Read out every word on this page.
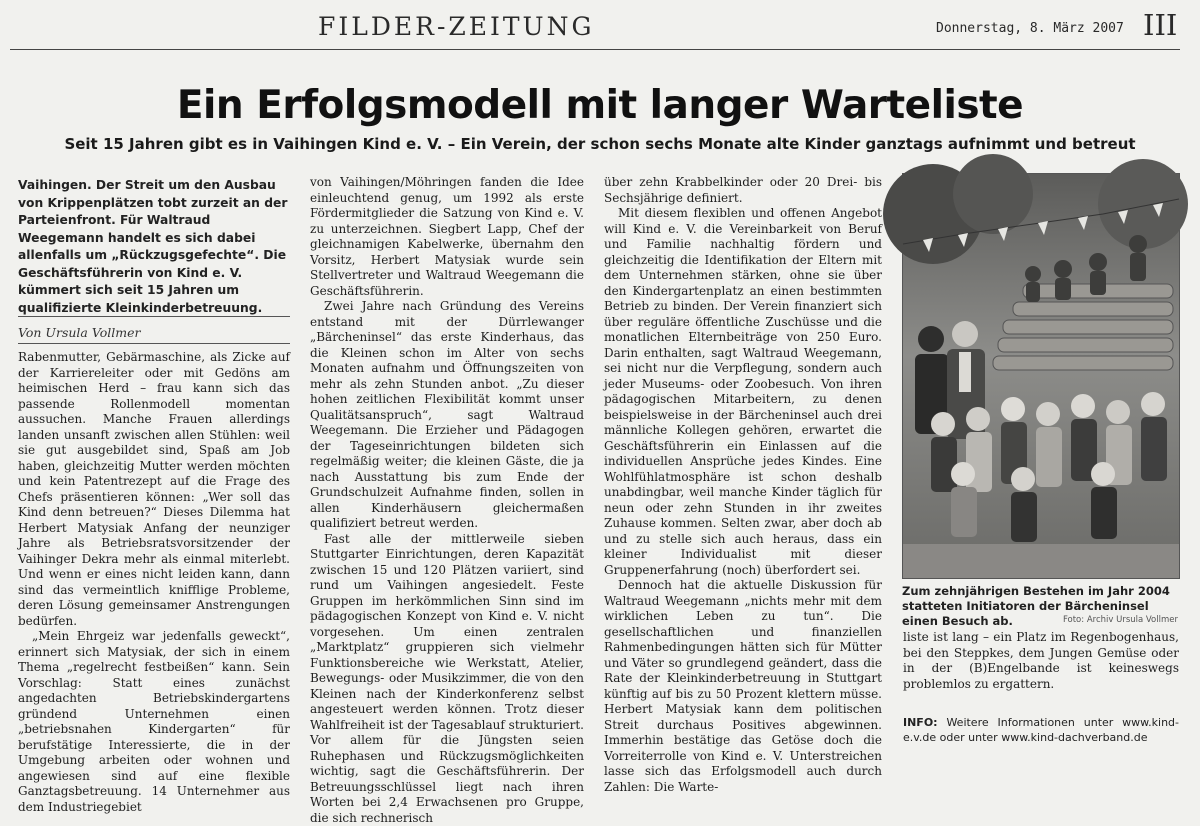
FILDER-ZEITUNG	Donnerstag, 8. März 2007 III
Ein Erfolgsmodell mit langer Warteliste
Seit 15 Jahren gibt es in Vaihingen Kind e. V. – Ein Verein, der schon sechs Monate alte Kinder ganztags aufnimmt und betreut
Vaihingen. Der Streit um den Ausbau von Krippenplätzen tobt zurzeit an der Parteienfront. Für Waltraud Weegemann handelt es sich dabei allenfalls um „Rückzugsgefechte“. Die Geschäftsführerin von Kind e. V. kümmert sich seit 15 Jahren um qualifizierte Kleinkinderbetreuung.
Von Ursula Vollmer

Rabenmutter, Gebärmaschine, als Zicke auf der Karriereleiter oder mit Gedöns am heimischen Herd – frau kann sich das passende Rollenmodell momentan aussuchen. Manche Frauen allerdings landen unsanft zwischen allen Stühlen: weil sie gut ausgebildet sind, Spaß am Job haben, gleichzeitig Mutter werden möchten und kein Patentrezept auf die Frage des Chefs präsentieren können: „Wer soll das Kind denn betreuen?“ Dieses Dilemma hat Herbert Matysiak Anfang der neunziger Jahre als Betriebsratsvorsitzender der Vaihinger Dekra mehr als einmal miterlebt. Und wenn er eines nicht leiden kann, dann sind das vermeintlich knifflige Probleme, deren Lösung gemeinsamer Anstrengungen bedürfen.

„Mein Ehrgeiz war jedenfalls geweckt“, erinnert sich Matysiak, der sich in einem Thema „regelrecht festbeißen“ kann. Sein Vorschlag: Statt eines zunächst angedachten Betriebskindergartens gründend Unternehmen einen „betriebsnahen Kindergarten“ für berufstätige Interessierte, die in der Umgebung arbeiten oder wohnen und angewiesen sind auf eine flexible Ganztagsbetreuung. 14 Unternehmer aus dem Industriegebiet

von Vaihingen/Möhringen fanden die Idee einleuchtend genug, um 1992 als erste Fördermitglieder die Satzung von Kind e. V. zu unterzeichnen. Siegbert Lapp, Chef der gleichnamigen Kabelwerke, übernahm den Vorsitz, Herbert Matysiak wurde sein Stellvertreter und Waltraud Weegemann die Geschäftsführerin.

Zwei Jahre nach Gründung des Vereins entstand mit der Dürrlewanger „Bärcheninsel“ das erste Kinderhaus, das die Kleinen schon im Alter von sechs Monaten aufnahm und Öffnungszeiten von mehr als zehn Stunden anbot. „Zu dieser hohen zeitlichen Flexibilität kommt unser Qualitätsanspruch“, sagt Waltraud Weegemann. Die Erzieher und Pädagogen der Tageseinrichtungen bildeten sich regelmäßig weiter; die kleinen Gäste, die ja nach Ausstattung bis zum Ende der Grundschulzeit Aufnahme finden, sollen in allen Kinderhäusern gleichermaßen qualifiziert betreut werden.

Fast alle der mittlerweile sieben Stuttgarter Einrichtungen, deren Kapazität zwischen 15 und 120 Plätzen variiert, sind rund um Vaihingen angesiedelt. Feste Gruppen im herkömmlichen Sinn sind im pädagogischen Konzept von Kind e. V. nicht vorgesehen. Um einen zentralen „Marktplatz“ gruppieren sich vielmehr Funktionsbereiche wie Werkstatt, Atelier, Bewegungs- oder Musikzimmer, die von den Kleinen nach der Kinderkonferenz selbst angesteuert werden können. Trotz dieser Wahlfreiheit ist der Tagesablauf strukturiert. Vor allem für die Jüngsten seien Ruhephasen und Rückzugsmöglichkeiten wichtig, sagt die Geschäftsführerin. Der Betreuungsschlüssel liegt nach ihren Worten bei 2,4 Erwachsenen pro Gruppe, die sich rechnerisch

über zehn Krabbelkinder oder 20 Drei- bis Sechsjährige definiert.

Mit diesem flexiblen und offenen Angebot will Kind e. V. die Vereinbarkeit von Beruf und Familie nachhaltig fördern und gleichzeitig die Identifikation der Eltern mit dem Unternehmen stärken, ohne sie über den Kindergartenplatz an einen bestimmten Betrieb zu binden. Der Verein finanziert sich über reguläre öffentliche Zuschüsse und die monatlichen Elternbeiträge von 250 Euro. Darin enthalten, sagt Waltraud Weegemann, sei nicht nur die Verpflegung, sondern auch jeder Museums- oder Zoobesuch. Von ihren pädagogischen Mitarbeitern, zu denen beispielsweise in der Bärcheninsel auch drei männliche Kollegen gehören, erwartet die Geschäftsführerin ein Einlassen auf die individuellen Ansprüche jedes Kindes. Eine Wohlfühlatmosphäre ist schon deshalb unabdingbar, weil manche Kinder täglich für neun oder zehn Stunden in ihr zweites Zuhause kommen. Selten zwar, aber doch ab und zu stelle sich auch heraus, dass ein kleiner Individualist mit dieser Gruppenerfahrung (noch) überfordert sei.

Dennoch hat die aktuelle Diskussion für Waltraud Weegemann „nichts mehr mit dem wirklichen Leben zu tun“. Die gesellschaftlichen und finanziellen Rahmenbedingungen hätten sich für Mütter und Väter so grundlegend geändert, dass die Rate der Kleinkinderbetreuung in Stuttgart künftig auf bis zu 50 Prozent klettern müsse. Herbert Matysiak kann dem politischen Streit durchaus Positives abgewinnen. Immerhin bestätige das Getöse doch die Vorreiterrolle von Kind e. V. Unterstreichen lasse sich das Erfolgsmodell auch durch Zahlen: Die Warte-

Zum zehnjährigen Bestehen im Jahr 2004 statteten Initiatoren der Bärcheninsel einen Besuch ab.	Foto: Archiv Ursula Vollmer

liste ist lang – ein Platz im Regenbogenhaus, bei den Steppkes, dem Jungen Gemüse oder in der (B)Engelbande ist keineswegs problemlos zu ergattern.

INFO: Weitere Informationen unter www.kind-e.v.de oder unter www.kind-dachverband.de
